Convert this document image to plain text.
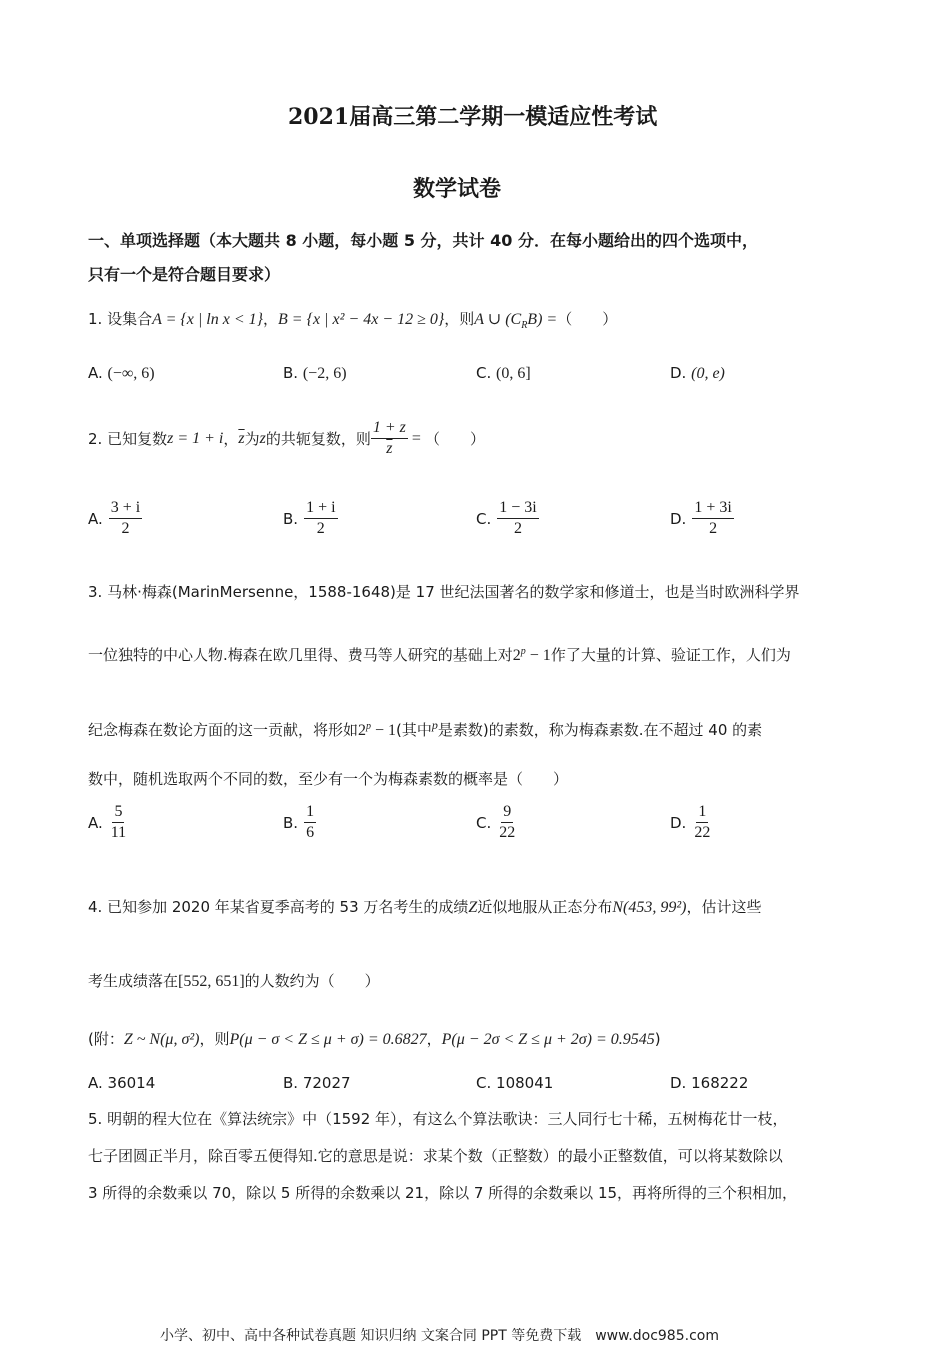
2021届高三第二学期一模适应性考试
数学试卷
一、单项选择题（本大题共 8 小题，每小题 5 分，共计 40 分．在每小题给出的四个选项中，
只有一个是符合题目要求）
1. 设集合A = {x | ln x < 1}，B = {x | x² − 4x − 12 ≥ 0}，则A ∪ $(C_RB)$ =（　　）
A. (−∞, 6)	B. (−2, 6)	C. (0, 6]	D. (0, e)
2. 已知复数 z = 1 + i ， $\overline{z}$ 为 z 的共轭复数，则 $\frac{1 + z}{z}$ = （　　）
A. $\frac{3 + i}{2}$	B. $\frac{1 + i}{2}$	C. $\frac{1 - 3i}{2}$	D. $\frac{1 + 3i}{2}$
3. 马林·梅森(MarinMersenne，1588-1648)是 17 世纪法国著名的数学家和修道士，也是当时欧洲科学界
一位独特的中心人物.梅森在欧几里得、费马等人研究的基础上对$2^p - 1$作了大量的计算、验证工作，人们为
纪念梅森在数论方面的这一贡献，将形如$2^p - 1$(其中$^p$是素数)的素数，称为梅森素数.在不超过 40 的素
数中，随机选取两个不同的数，至少有一个为梅森素数的概率是（　　）
A. $\frac{5}{11}$	B. $\frac{1}{6}$	C. $\frac{9}{22}$	D. $\frac{1}{22}$
4. 已知参加 2020 年某省夏季高考的 53 万名考生的成绩Z近似地服从正态分布N(453, 99²)，估计这些
考生成绩落在[552, 651]的人数约为（　　）
(附：Z ~ N(μ, σ²)，则P(μ − σ < Z ≤ μ + σ) = 0.6827，P(μ − 2σ < Z ≤ μ + 2σ) = 0.9545)
A. 36014	B. 72027	C. 108041	D. 168222
5. 明朝的程大位在《算法统宗》中（1592 年），有这么个算法歌诀：三人同行七十稀，五树梅花廿一枝，
七子团圆正半月，除百零五便得知.它的意思是说：求某个数（正整数）的最小正整数值，可以将某数除以
3 所得的余数乘以 70，除以 5 所得的余数乘以 21，除以 7 所得的余数乘以 15，再将所得的三个积相加，
小学、初中、高中各种试卷真题 知识归纳 文案合同 PPT 等免费下载　www.doc985.com
